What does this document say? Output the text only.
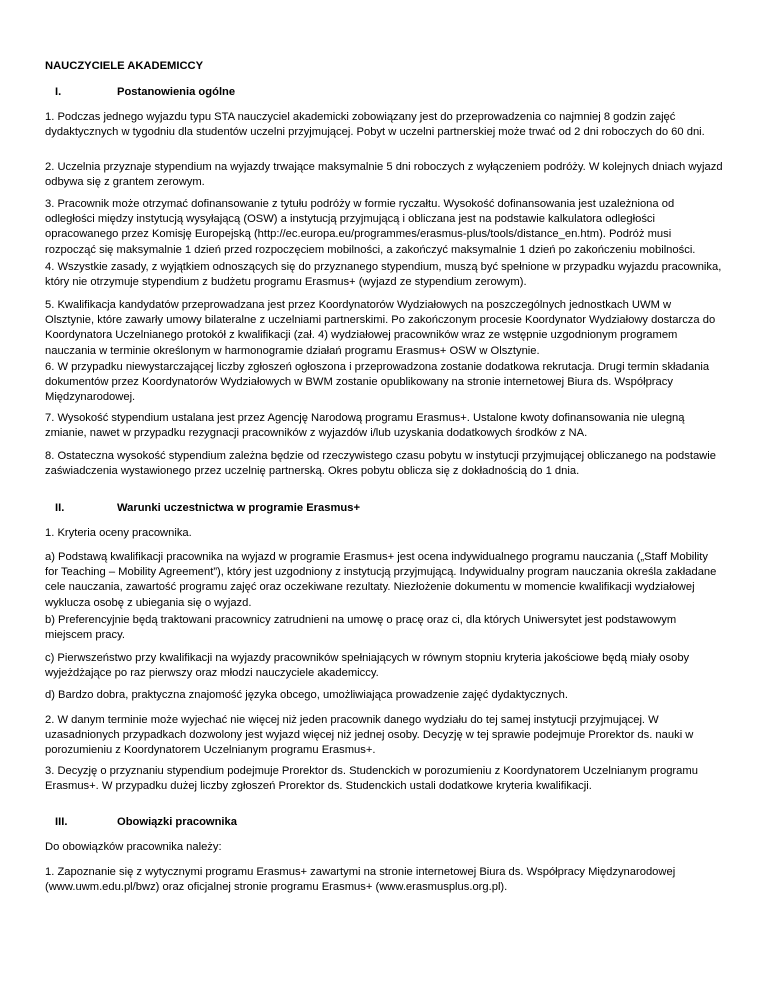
NAUCZYCIELE AKADEMICCY
I.	Postanowienia ogólne

1. Podczas jednego wyjazdu typu STA nauczyciel akademicki zobowiązany jest do przeprowadzenia co najmniej 8 godzin zajęć dydaktycznych w tygodniu dla studentów uczelni przyjmującej. Pobyt w uczelni partnerskiej może trwać od 2 dni roboczych do 60 dni.

2. Uczelnia przyznaje stypendium na wyjazdy trwające maksymalnie 5 dni roboczych z wyłączeniem podróży. W kolejnych dniach wyjazd odbywa się z grantem zerowym.

3. Pracownik może otrzymać dofinansowanie z tytułu podróży w formie ryczałtu. Wysokość dofinansowania jest uzależniona od odległości między instytucją wysyłającą (OSW) a instytucją przyjmującą i obliczana jest na podstawie kalkulatora odległości opracowanego przez Komisję Europejską (http://ec.europa.eu/programmes/erasmus-plus/tools/distance_en.htm). Podróż musi rozpocząć się maksymalnie 1 dzień przed rozpoczęciem mobilności, a zakończyć maksymalnie 1 dzień po zakończeniu mobilności.

4. Wszystkie zasady, z wyjątkiem odnoszących się do przyznanego stypendium, muszą być spełnione w przypadku wyjazdu pracownika, który nie otrzymuje stypendium z budżetu programu Erasmus+ (wyjazd ze stypendium zerowym).

5. Kwalifikacja kandydatów przeprowadzana jest przez Koordynatorów Wydziałowych na poszczególnych jednostkach UWM w Olsztynie, które zawarły umowy bilateralne z uczelniami partnerskimi. Po zakończonym procesie Koordynator Wydziałowy dostarcza do Koordynatora Uczelnianego protokół z kwalifikacji (zał. 4) wydziałowej pracowników wraz ze wstępnie uzgodnionym programem nauczania w terminie określonym w harmonogramie działań programu Erasmus+ OSW w Olsztynie.

6. W przypadku niewystarczającej liczby zgłoszeń ogłoszona i przeprowadzona zostanie dodatkowa rekrutacja. Drugi termin składania dokumentów przez Koordynatorów Wydziałowych w BWM zostanie opublikowany na stronie internetowej Biura ds. Współpracy Międzynarodowej.

7. Wysokość stypendium ustalana jest przez Agencję Narodową programu Erasmus+. Ustalone kwoty dofinansowania nie ulegną zmianie, nawet w przypadku rezygnacji pracowników z wyjazdów i/lub uzyskania dodatkowych środków z NA.

8. Ostateczna wysokość stypendium zależna będzie od rzeczywistego czasu pobytu w instytucji przyjmującej obliczanego na podstawie zaświadczenia wystawionego przez uczelnię partnerską. Okres pobytu oblicza się z dokładnością do 1 dnia.

II.	Warunki uczestnictwa w programie Erasmus+

1. Kryteria oceny pracownika.

a) Podstawą kwalifikacji pracownika na wyjazd w programie Erasmus+ jest ocena indywidualnego programu nauczania („Staff Mobility for Teaching – Mobility Agreement”), który jest uzgodniony z instytucją przyjmującą. Indywidualny program nauczania określa zakładane cele nauczania, zawartość programu zajęć oraz oczekiwane rezultaty. Niezłożenie dokumentu w momencie kwalifikacji wydziałowej wyklucza osobę z ubiegania się o wyjazd.

b) Preferencyjnie będą traktowani pracownicy zatrudnieni na umowę o pracę oraz ci, dla których Uniwersytet jest podstawowym miejscem pracy.

c) Pierwszeństwo przy kwalifikacji na wyjazdy pracowników spełniających w równym stopniu kryteria jakościowe będą miały osoby wyjeżdżające po raz pierwszy oraz młodzi nauczyciele akademiccy.

d) Bardzo dobra, praktyczna znajomość języka obcego, umożliwiająca prowadzenie zajęć dydaktycznych.

2. W danym terminie może wyjechać nie więcej niż jeden pracownik danego wydziału do tej samej instytucji przyjmującej. W uzasadnionych przypadkach dozwolony jest wyjazd więcej niż jednej osoby. Decyzję w tej sprawie podejmuje Prorektor ds. nauki w porozumieniu z Koordynatorem Uczelnianym programu Erasmus+.

3. Decyzję o przyznaniu stypendium podejmuje Prorektor ds. Studenckich w porozumieniu z Koordynatorem Uczelnianym programu Erasmus+. W przypadku dużej liczby zgłoszeń Prorektor ds. Studenckich ustali dodatkowe kryteria kwalifikacji.

III.	Obowiązki pracownika

Do obowiązków pracownika należy:

1. Zapoznanie się z wytycznymi programu Erasmus+ zawartymi na stronie internetowej Biura ds. Współpracy Międzynarodowej (www.uwm.edu.pl/bwz) oraz oficjalnej stronie programu Erasmus+ (www.erasmusplus.org.pl).
